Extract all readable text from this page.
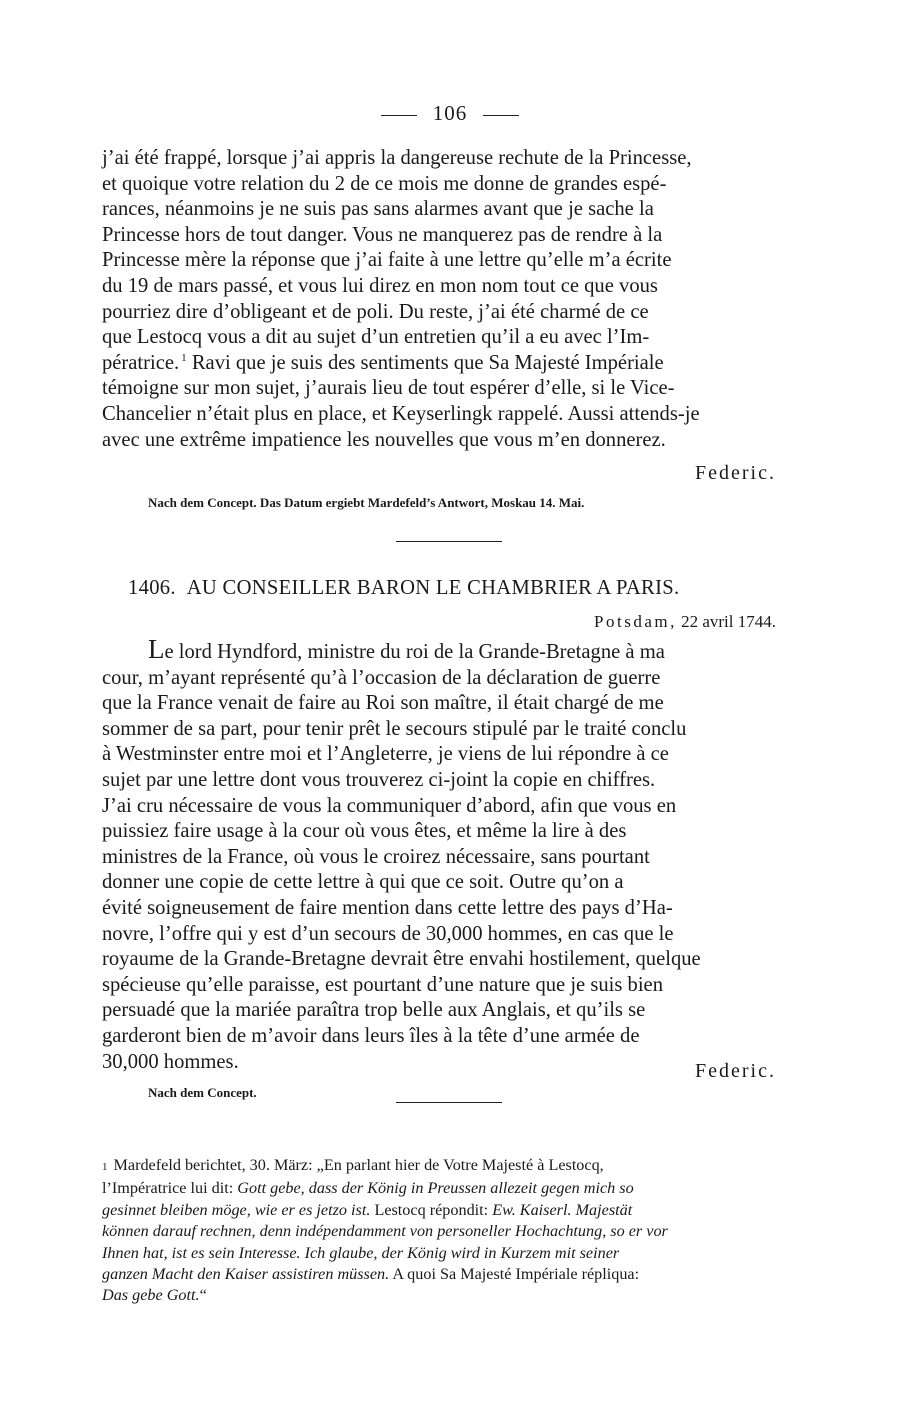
106

j’ai été frappé, lorsque j’ai appris la dangereuse rechute de la Princesse,

et quoique votre relation du 2 de ce mois me donne de grandes espé-

rances, néanmoins je ne suis pas sans alarmes avant que je sache la

Princesse hors de tout danger. Vous ne manquerez pas de rendre à la

Princesse mère la réponse que j’ai faite à une lettre qu’elle m’a écrite

du 19 de mars passé, et vous lui direz en mon nom tout ce que vous

pourriez dire d’obligeant et de poli. Du reste, j’ai été charmé de ce

que Lestocq vous a dit au sujet d’un entretien qu’il a eu avec l’Im-

pératrice. $^1$ Ravi que je suis des sentiments que Sa Majesté Impériale

témoigne sur mon sujet, j’aurais lieu de tout espérer d’elle, si le Vice-

Chancelier n’était plus en place, et Keyserlingk rappelé. Aussi attends-je

avec une extrême impatience les nouvelles que vous m’en donnerez.

Federic.
Nach dem Concept. Das Datum ergiebt Mardefeld’s Antwort, Moskau 14. Mai.
1406. AU CONSEILLER BARON LE CHAMBRIER A PARIS.
Potsdam, 22 avril 1744.

Le lord Hyndford, ministre du roi de la Grande-Bretagne à ma

cour, m’ayant représenté qu’à l’occasion de la déclaration de guerre

que la France venait de faire au Roi son maître, il était chargé de me

sommer de sa part, pour tenir prêt le secours stipulé par le traité conclu

à Westminster entre moi et l’Angleterre, je viens de lui répondre à ce

sujet par une lettre dont vous trouverez ci-joint la copie en chiffres.

J’ai cru nécessaire de vous la communiquer d’abord, afin que vous en

puissiez faire usage à la cour où vous êtes, et même la lire à des

ministres de la France, où vous le croirez nécessaire, sans pourtant

donner une copie de cette lettre à qui que ce soit. Outre qu’on a

évité soigneusement de faire mention dans cette lettre des pays d’Ha-

novre, l’offre qui y est d’un secours de 30,000 hommes, en cas que le

royaume de la Grande-Bretagne devrait être envahi hostilement, quelque

spécieuse qu’elle paraisse, est pourtant d’une nature que je suis bien

persuadé que la mariée paraîtra trop belle aux Anglais, et qu’ils se

garderont bien de m’avoir dans leurs îles à la tête d’une armée de

30,000 hommes.	Federic.
Nach dem Concept.

1 Mardefeld berichtet, 30. März: „En parlant hier de Votre Majesté à Lestocq,

l’Impératrice lui dit: Gott gebe, dass der König in Preussen allezeit gegen mich so

gesinnet bleiben möge, wie er es jetzo ist. Lestocq répondit: Ew. Kaiserl. Majestät

können darauf rechnen, denn indépendamment von personeller Hochachtung, so er vor

Ihnen hat, ist es sein Interesse. Ich glaube, der König wird in Kurzem mit seiner

ganzen Macht den Kaiser assistiren müssen. A quoi Sa Majesté Impériale répliqua:

Das gebe Gott.“
